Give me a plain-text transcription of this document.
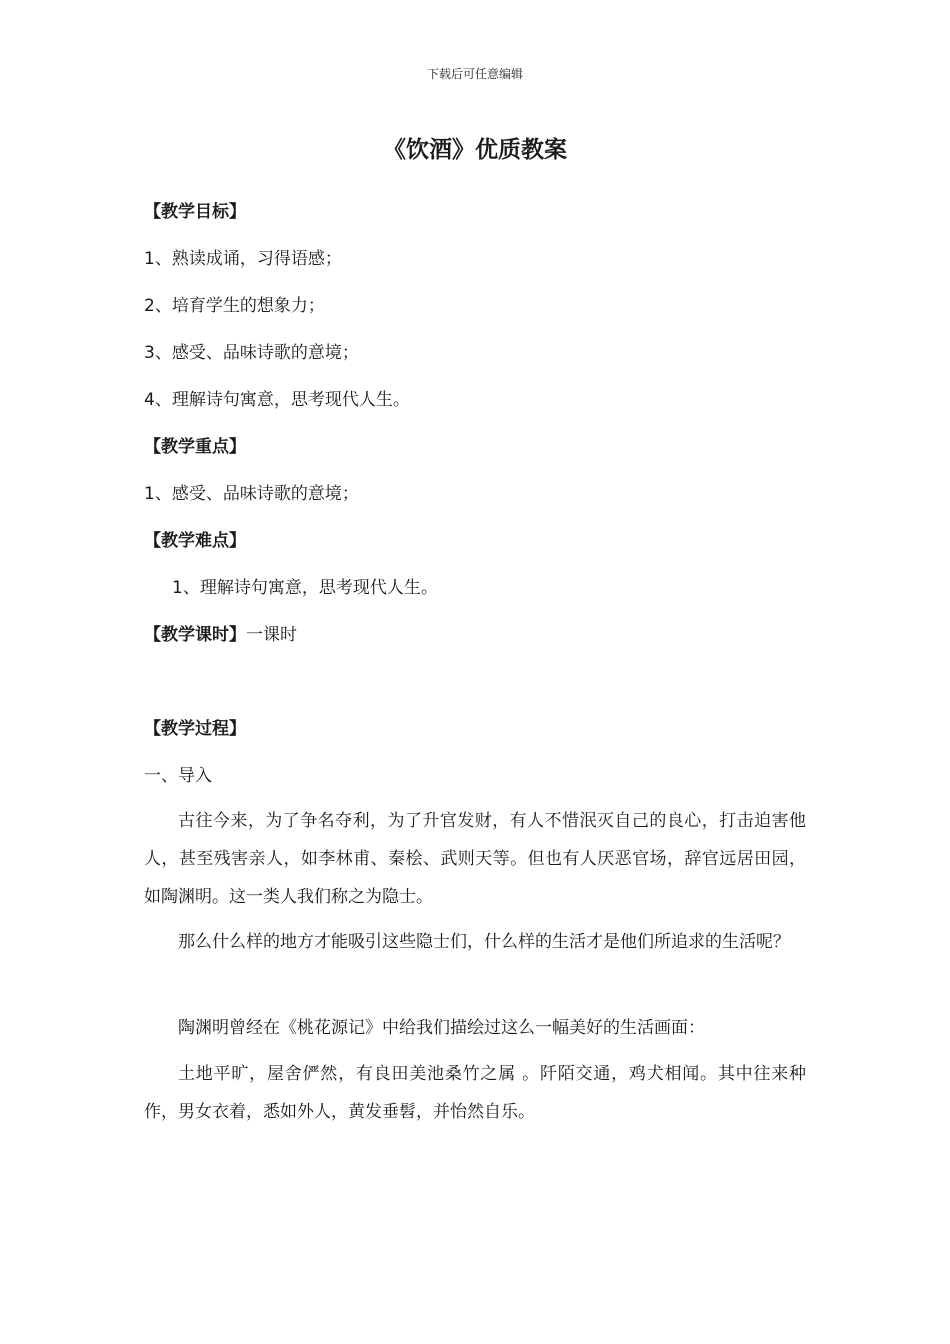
下载后可任意编辑
《饮酒》优质教案
【教学目标】
1、熟读成诵，习得语感；
2、培育学生的想象力；
3、感受、品味诗歌的意境；
4、理解诗句寓意，思考现代人生。
【教学重点】
1、感受、品味诗歌的意境；
【教学难点】
1、理解诗句寓意，思考现代人生。
【教学课时】一课时
【教学过程】
一、导入

古往今来，为了争名夺利，为了升官发财，有人不惜泯灭自己的良心，打击迫害他人，甚至残害亲人，如李林甫、秦桧、武则天等。但也有人厌恶官场，辞官远居田园，如陶渊明。这一类人我们称之为隐士。

那么什么样的地方才能吸引这些隐士们，什么样的生活才是他们所追求的生活呢？

陶渊明曾经在《桃花源记》中给我们描绘过这么一幅美好的生活画面：

土地平旷，屋舍俨然，有良田美池桑竹之属 。阡陌交通，鸡犬相闻。其中往来种作，男女衣着，悉如外人，黄发垂髫，并怡然自乐。
